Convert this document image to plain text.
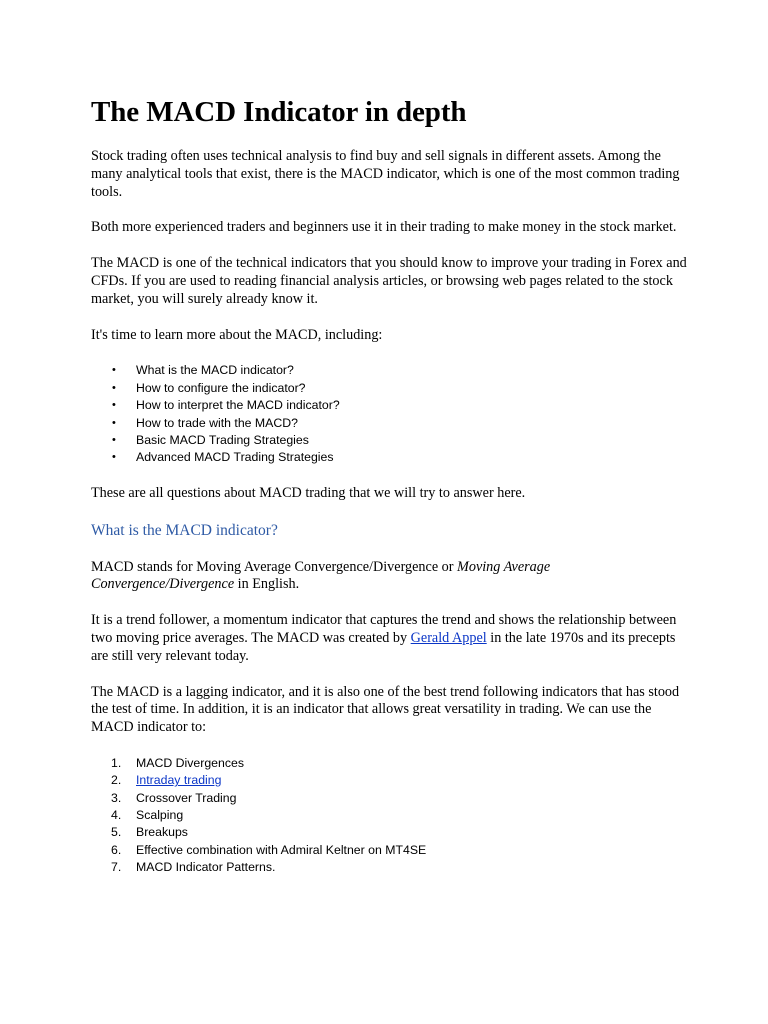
The MACD Indicator in depth

Stock trading often uses technical analysis to find buy and sell signals in different assets. Among the many analytical tools that exist, there is the MACD indicator, which is one of the most common trading tools.

Both more experienced traders and beginners use it in their trading to make money in the stock market.

The MACD is one of the technical indicators that you should know to improve your trading in Forex and CFDs. If you are used to reading financial analysis articles, or browsing web pages related to the stock market, you will surely already know it.

It's time to learn more about the MACD, including:

• What is the MACD indicator?
• How to configure the indicator?
• How to interpret the MACD indicator?
• How to trade with the MACD?
• Basic MACD Trading Strategies
• Advanced MACD Trading Strategies

These are all questions about MACD trading that we will try to answer here.

What is the MACD indicator?

MACD stands for Moving Average Convergence/Divergence or Moving Average Convergence/Divergence in English.

It is a trend follower, a momentum indicator that captures the trend and shows the relationship between two moving price averages. The MACD was created by Gerald Appel in the late 1970s and its precepts are still very relevant today.

The MACD is a lagging indicator, and it is also one of the best trend following indicators that has stood the test of time. In addition, it is an indicator that allows great versatility in trading. We can use the MACD indicator to:

1. MACD Divergences
2. Intraday trading
3. Crossover Trading
4. Scalping
5. Breakups
6. Effective combination with Admiral Keltner on MT4SE
7. MACD Indicator Patterns.
